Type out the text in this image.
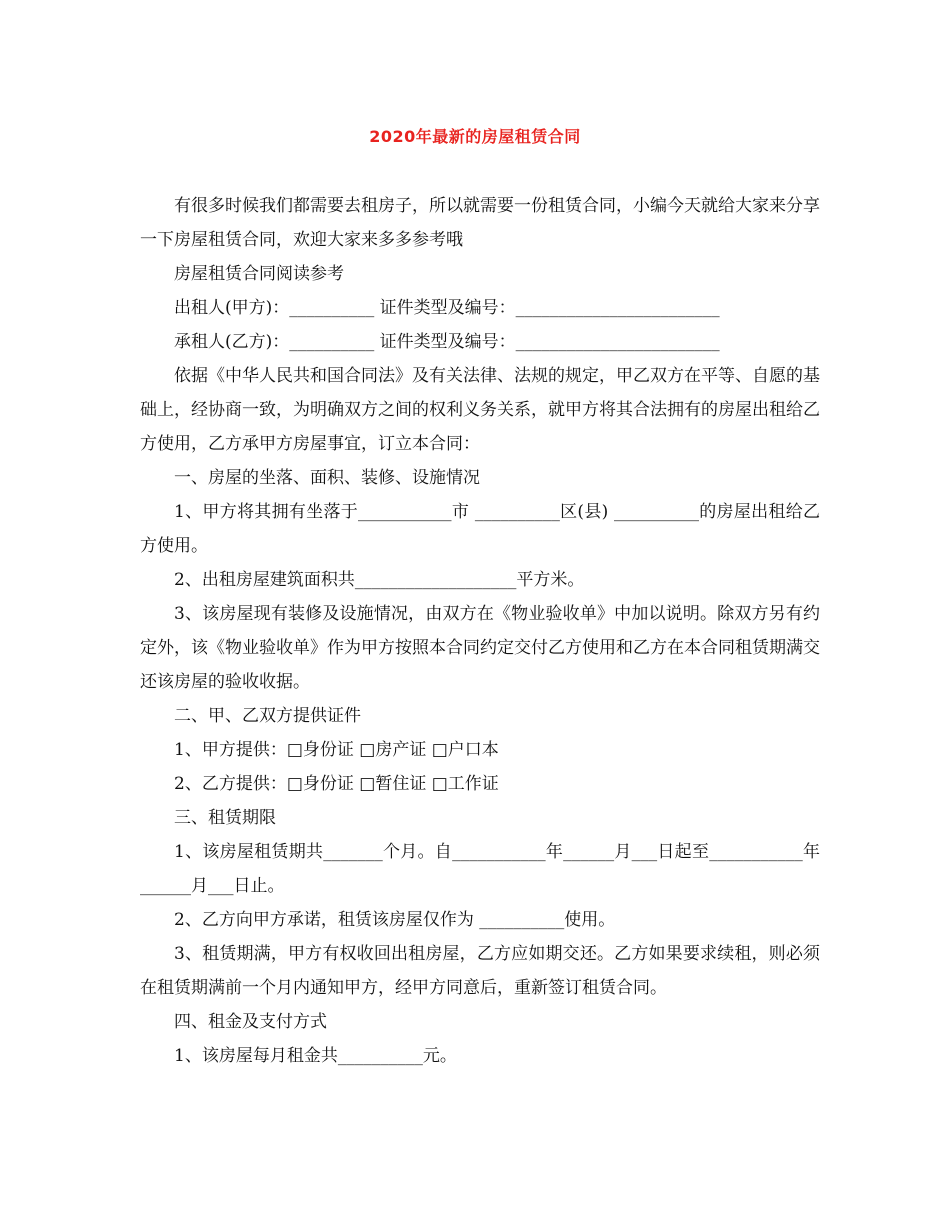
2020年最新的房屋租赁合同

有很多时候我们都需要去租房子，所以就需要一份租赁合同，小编今天就给大家来分享一下房屋租赁合同，欢迎大家来多多参考哦

房屋租赁合同阅读参考

出租人(甲方)：__________ 证件类型及编号：________________________

承租人(乙方)：__________ 证件类型及编号：________________________

依据《中华人民共和国合同法》及有关法律、法规的规定，甲乙双方在平等、自愿的基础上，经协商一致，为明确双方之间的权利义务关系，就甲方将其合法拥有的房屋出租给乙方使用，乙方承甲方房屋事宜，订立本合同：

一、房屋的坐落、面积、装修、设施情况

1、甲方将其拥有坐落于___________市 __________区(县) __________的房屋出租给乙方使用。

2、出租房屋建筑面积共___________________平方米。

3、该房屋现有装修及设施情况，由双方在《物业验收单》中加以说明。除双方另有约定外，该《物业验收单》作为甲方按照本合同约定交付乙方使用和乙方在本合同租赁期满交还该房屋的验收收据。

二、甲、乙双方提供证件

1、甲方提供：□身份证 □房产证 □户口本

2、乙方提供：□身份证 □暂住证 □工作证

三、租赁期限

1、该房屋租赁期共_______个月。自___________年______月___日起至___________年______月___日止。

2、乙方向甲方承诺，租赁该房屋仅作为 __________使用。

3、租赁期满，甲方有权收回出租房屋，乙方应如期交还。乙方如果要求续租，则必须在租赁期满前一个月内通知甲方，经甲方同意后，重新签订租赁合同。

四、租金及支付方式

1、该房屋每月租金共__________元。
